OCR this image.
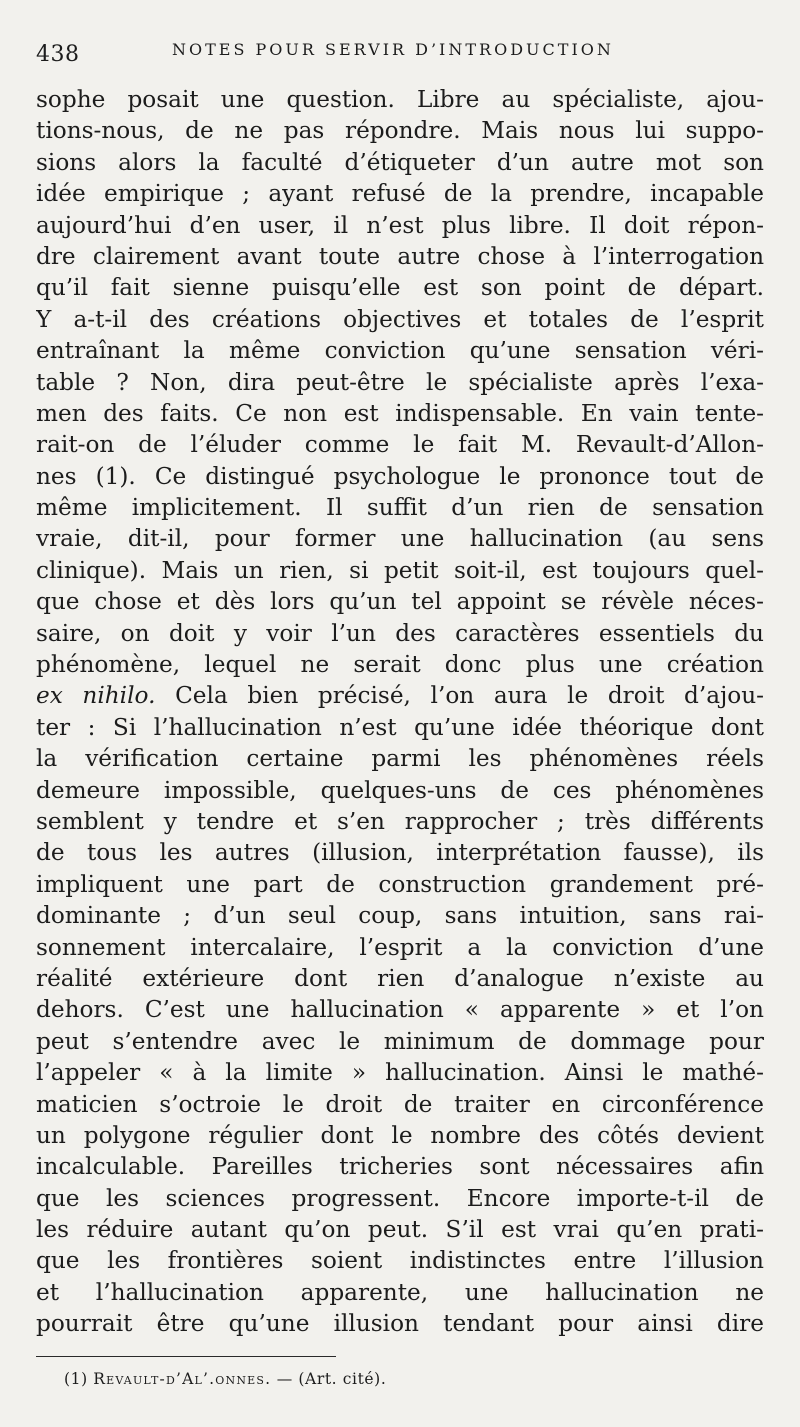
438	NOTES POUR SERVIR D’INTRODUCTION
sophe posait une question. Libre au spécialiste, ajou-
tions-nous, de ne pas répondre. Mais nous lui suppo-
sions alors la faculté d’étiqueter d’un autre mot son
idée empirique ; ayant refusé de la prendre, incapable
aujourd’hui d’en user, il n’est plus libre. Il doit répon-
dre clairement avant toute autre chose à l’interrogation
qu’il fait sienne puisqu’elle est son point de départ.
Y a-t-il des créations objectives et totales de l’esprit
entraînant la même conviction qu’une sensation véri-
table ? Non, dira peut-être le spécialiste après l’exa-
men des faits. Ce non est indispensable. En vain tente-
rait-on de l’éluder comme le fait M. Revault-d’Allon-
nes (1). Ce distingué psychologue le prononce tout de
même implicitement. Il suffit d’un rien de sensation
vraie, dit-il, pour former une hallucination (au sens
clinique). Mais un rien, si petit soit-il, est toujours quel-
que chose et dès lors qu’un tel appoint se révèle néces-
saire, on doit y voir l’un des caractères essentiels du
phénomène, lequel ne serait donc plus une création
ex nihilo. Cela bien précisé, l’on aura le droit d’ajou-
ter : Si l’hallucination n’est qu’une idée théorique dont
la vérification certaine parmi les phénomènes réels
demeure impossible, quelques-uns de ces phénomènes
semblent y tendre et s’en rapprocher ; très différents
de tous les autres (illusion, interprétation fausse), ils
impliquent une part de construction grandement pré-
dominante ; d’un seul coup, sans intuition, sans rai-
sonnement intercalaire, l’esprit a la conviction d’une
réalité extérieure dont rien d’analogue n’existe au
dehors. C’est une hallucination « apparente » et l’on
peut s’entendre avec le minimum de dommage pour
l’appeler « à la limite » hallucination. Ainsi le mathé-
maticien s’octroie le droit de traiter en circonférence
un polygone régulier dont le nombre des côtés devient
incalculable. Pareilles tricheries sont nécessaires afin
que les sciences progressent. Encore importe-t-il de
les réduire autant qu’on peut. S’il est vrai qu’en prati-
que les frontières soient indistinctes entre l’illusion
et l’hallucination apparente, une hallucination ne
pourrait être qu’une illusion tendant pour ainsi dire
(1) Revault-d’Al’.onnes. — (Art. cité).
